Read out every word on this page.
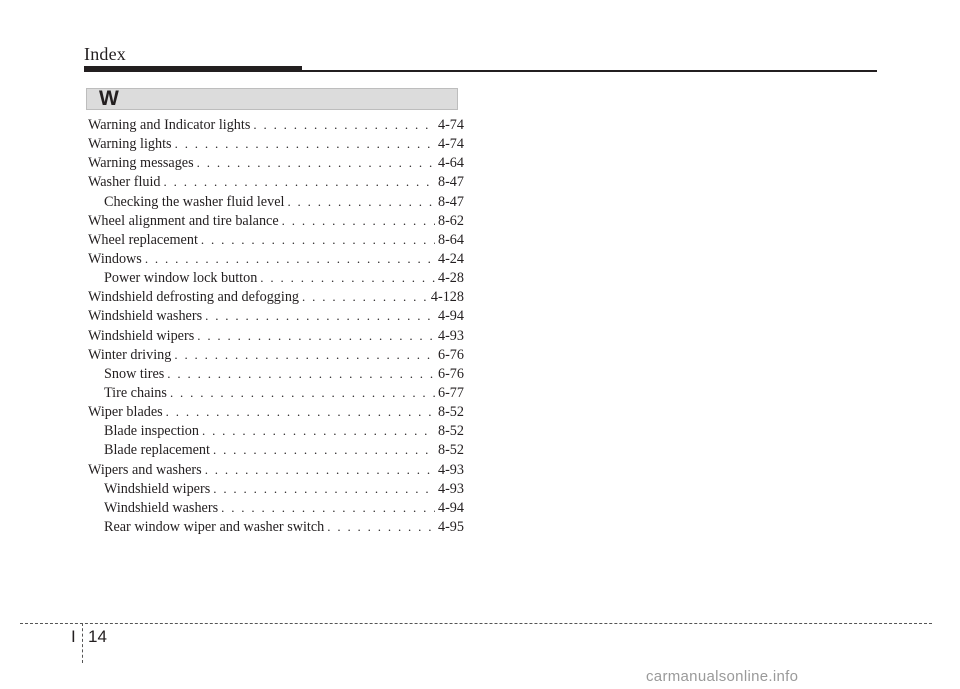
Index
W
Warning and Indicator lights . . .	4-74
Warning lights . . .	4-74
Warning messages . . .	4-64
Washer fluid . . .	8-47
Checking the washer fluid level . . .	8-47
Wheel alignment and tire balance . . .	8-62
Wheel replacement . . .	8-64
Windows . . .	4-24
Power window lock button . . .	4-28
Windshield defrosting and defogging . . .	4-128
Windshield washers . . .	4-94
Windshield wipers . . .	4-93
Winter driving . . .	6-76
Snow tires . . .	6-76
Tire chains . . .	6-77
Wiper blades . . .	8-52
Blade inspection . . .	8-52
Blade replacement . . .	8-52
Wipers and washers . . .	4-93
Windshield wipers . . .	4-93
Windshield washers . . .	4-94
Rear window wiper and washer switch . . .	4-95
I 14
carmanualsonline.info
